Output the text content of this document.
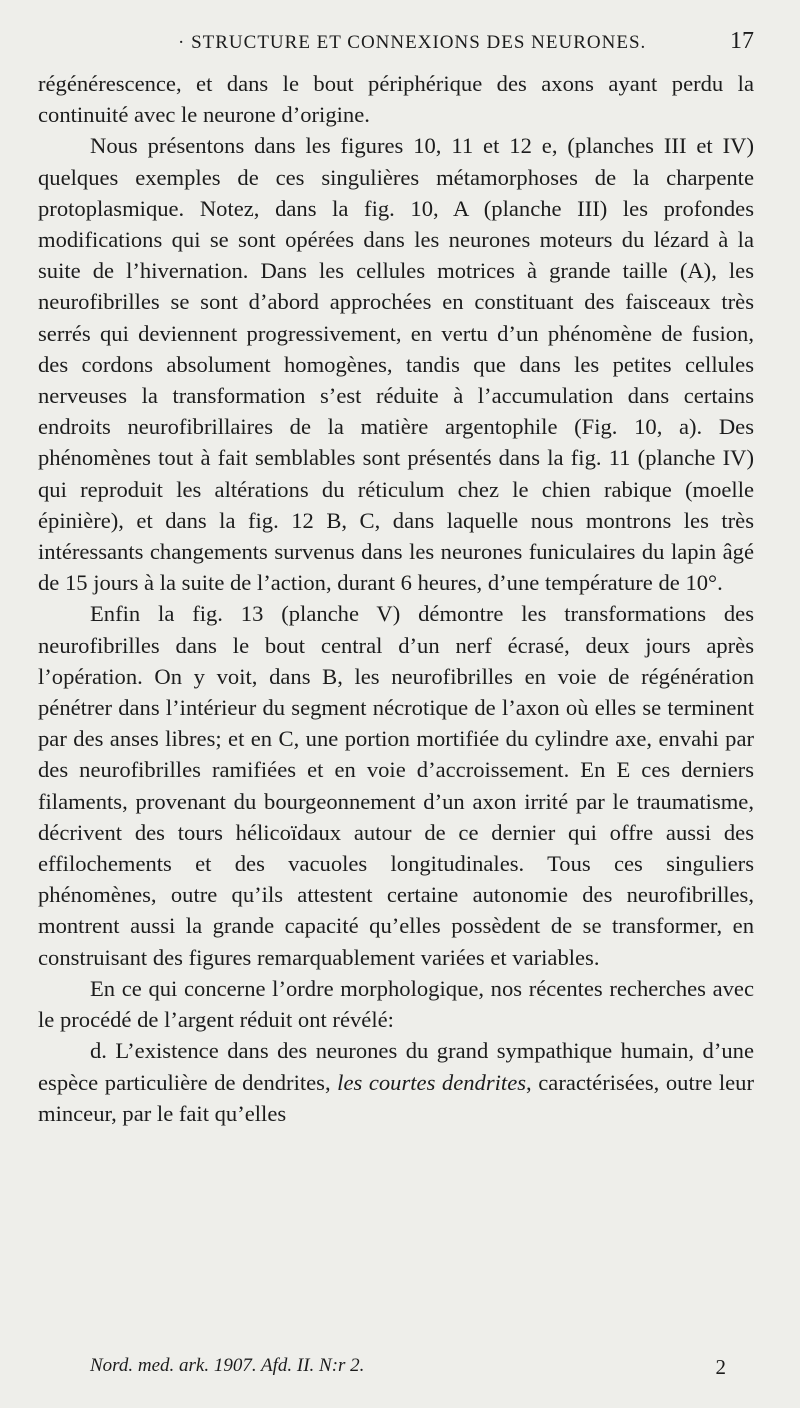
· STRUCTURE ET CONNEXIONS DES NEURONES.	17

régénérescence, et dans le bout périphérique des axons ayant perdu la continuité avec le neurone d’origine.

Nous présentons dans les figures 10, 11 et 12 e, (planches III et IV) quelques exemples de ces singulières métamorphoses de la charpente protoplasmique. Notez, dans la fig. 10, A (planche III) les profondes modifications qui se sont opérées dans les neurones moteurs du lézard à la suite de l’hivernation. Dans les cellules motrices à grande taille (A), les neurofibrilles se sont d’abord approchées en constituant des faisceaux très serrés qui deviennent progressivement, en vertu d’un phénomène de fusion, des cordons absolument homogènes, tandis que dans les petites cellules nerveuses la transformation s’est réduite à l’accumulation dans certains endroits neurofibrillaires de la matière argentophile (Fig. 10, a). Des phénomènes tout à fait semblables sont présentés dans la fig. 11 (planche IV) qui reproduit les altérations du réticulum chez le chien rabique (moelle épinière), et dans la fig. 12 B, C, dans laquelle nous montrons les très intéressants changements survenus dans les neurones funiculaires du lapin âgé de 15 jours à la suite de l’action, durant 6 heures, d’une température de 10°.

Enfin la fig. 13 (planche V) démontre les transformations des neurofibrilles dans le bout central d’un nerf écrasé, deux jours après l’opération. On y voit, dans B, les neurofibrilles en voie de régénération pénétrer dans l’intérieur du segment nécrotique de l’axon où elles se terminent par des anses libres; et en C, une portion mortifiée du cylindre axe, envahi par des neurofibrilles ramifiées et en voie d’accroissement. En E ces derniers filaments, provenant du bourgeonnement d’un axon irrité par le traumatisme, décrivent des tours hélicoïdaux autour de ce dernier qui offre aussi des effilochements et des vacuoles longitudinales. Tous ces singuliers phénomènes, outre qu’ils attestent certaine autonomie des neurofibrilles, montrent aussi la grande capacité qu’elles possèdent de se transformer, en construisant des figures remarquablement variées et variables.

En ce qui concerne l’ordre morphologique, nos récentes recherches avec le procédé de l’argent réduit ont révélé:

d. L’existence dans des neurones du grand sympathique humain, d’une espèce particulière de dendrites, les courtes dendrites, caractérisées, outre leur minceur, par le fait qu’elles

Nord. med. ark. 1907. Afd. II. N:r 2.	2
